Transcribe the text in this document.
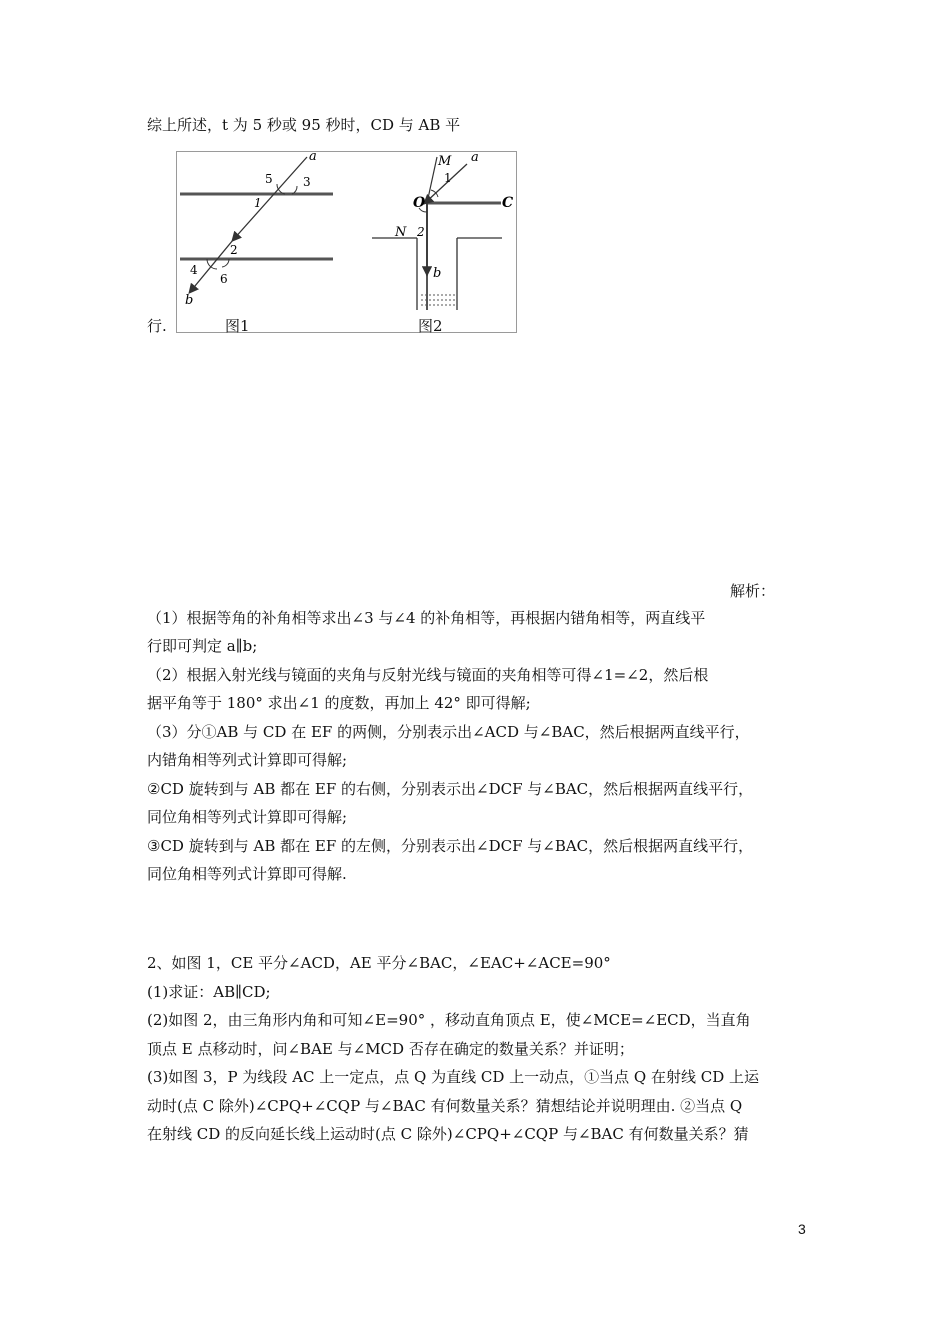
综上所述，t 为 5 秒或 95 秒时，CD 与 AB 平
行.
a
5	3
1
2
4
6
b
M a
1
O	C
N 2
b
图1	图2
解析：
（1）根据等角的补角相等求出∠3 与∠4 的补角相等，再根据内错角相等，两直线平
行即可判定 a∥b;
（2）根据入射光线与镜面的夹角与反射光线与镜面的夹角相等可得∠1=∠2，然后根
据平角等于 180° 求出∠1 的度数，再加上 42° 即可得解;
（3）分①AB 与 CD 在 EF 的两侧，分别表示出∠ACD 与∠BAC，然后根据两直线平行，
内错角相等列式计算即可得解;
②CD 旋转到与 AB 都在 EF 的右侧，分别表示出∠DCF 与∠BAC，然后根据两直线平行，
同位角相等列式计算即可得解;
③CD 旋转到与 AB 都在 EF 的左侧，分别表示出∠DCF 与∠BAC，然后根据两直线平行，
同位角相等列式计算即可得解.
2、如图 1，CE 平分∠ACD，AE 平分∠BAC，∠EAC+∠ACE=90°
(1)求证：AB∥CD;
(2)如图 2，由三角形内角和可知∠E=90° ，移动直角顶点 E，使∠MCE=∠ECD，当直角
顶点 E 点移动时，问∠BAE 与∠MCD 否存在确定的数量关系？并证明；
(3)如图 3，P 为线段 AC 上一定点，点 Q 为直线 CD 上一动点，①当点 Q 在射线 CD 上运
动时(点 C 除外)∠CPQ+∠CQP 与∠BAC 有何数量关系？猜想结论并说明理由. ②当点 Q
在射线 CD 的反向延长线上运动时(点 C 除外)∠CPQ+∠CQP 与∠BAC 有何数量关系？猜
3
